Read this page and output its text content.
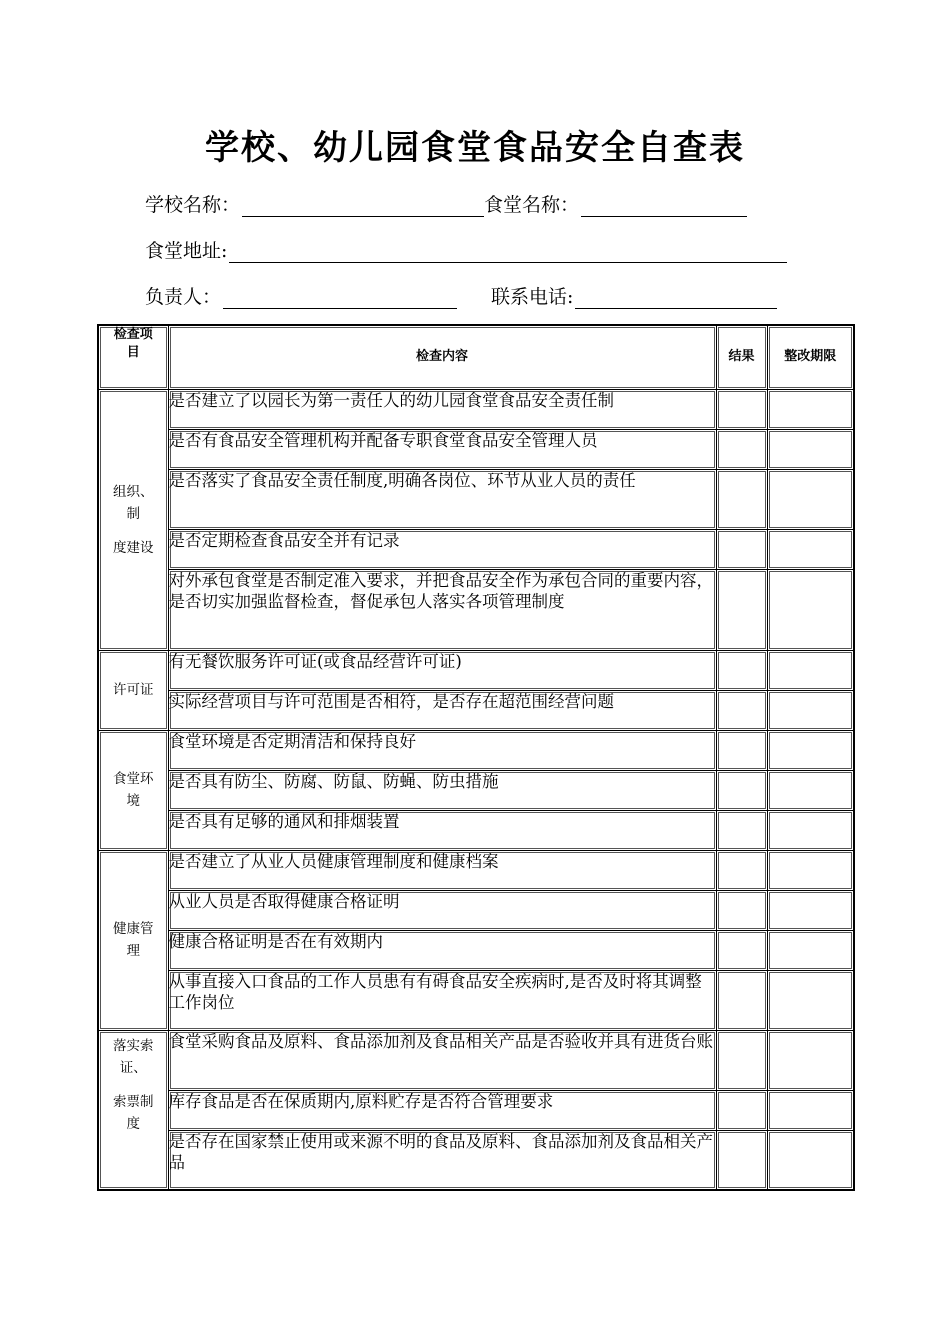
学校、幼儿园食堂食品安全自查表
学校名称：	食堂名称：
食堂地址:
负责人：	联系电话:
检查项目	检查内容	结果	整改期限

组织、
制
度建设	是否建立了以园长为第一责任人的幼儿园食堂食品安全责任制		
	是否有食品安全管理机构并配备专职食堂食品安全管理人员		
	是否落实了食品安全责任制度,明确各岗位、环节从业人员的责任		
	是否定期检查食品安全并有记录		
	对外承包食堂是否制定准入要求，并把食品安全作为承包合同的重要内容，是否切实加强监督检查，督促承包人落实各项管理制度		

许可证	有无餐饮服务许可证(或食品经营许可证)		
	实际经营项目与许可范围是否相符，是否存在超范围经营问题		

食堂环
境	食堂环境是否定期清洁和保持良好		
	是否具有防尘、防腐、防鼠、防蝇、防虫措施		
	是否具有足够的通风和排烟装置		

健康管
理	是否建立了从业人员健康管理制度和健康档案		
	从业人员是否取得健康合格证明		
	健康合格证明是否在有效期内		
	从事直接入口食品的工作人员患有有碍食品安全疾病时,是否及时将其调整工作岗位		

落实索
证、
索票制
度	食堂采购食品及原料、食品添加剂及食品相关产品是否验收并具有进货台账		
	库存食品是否在保质期内,原料贮存是否符合管理要求		
	是否存在国家禁止使用或来源不明的食品及原料、食品添加剂及食品相关产品		
